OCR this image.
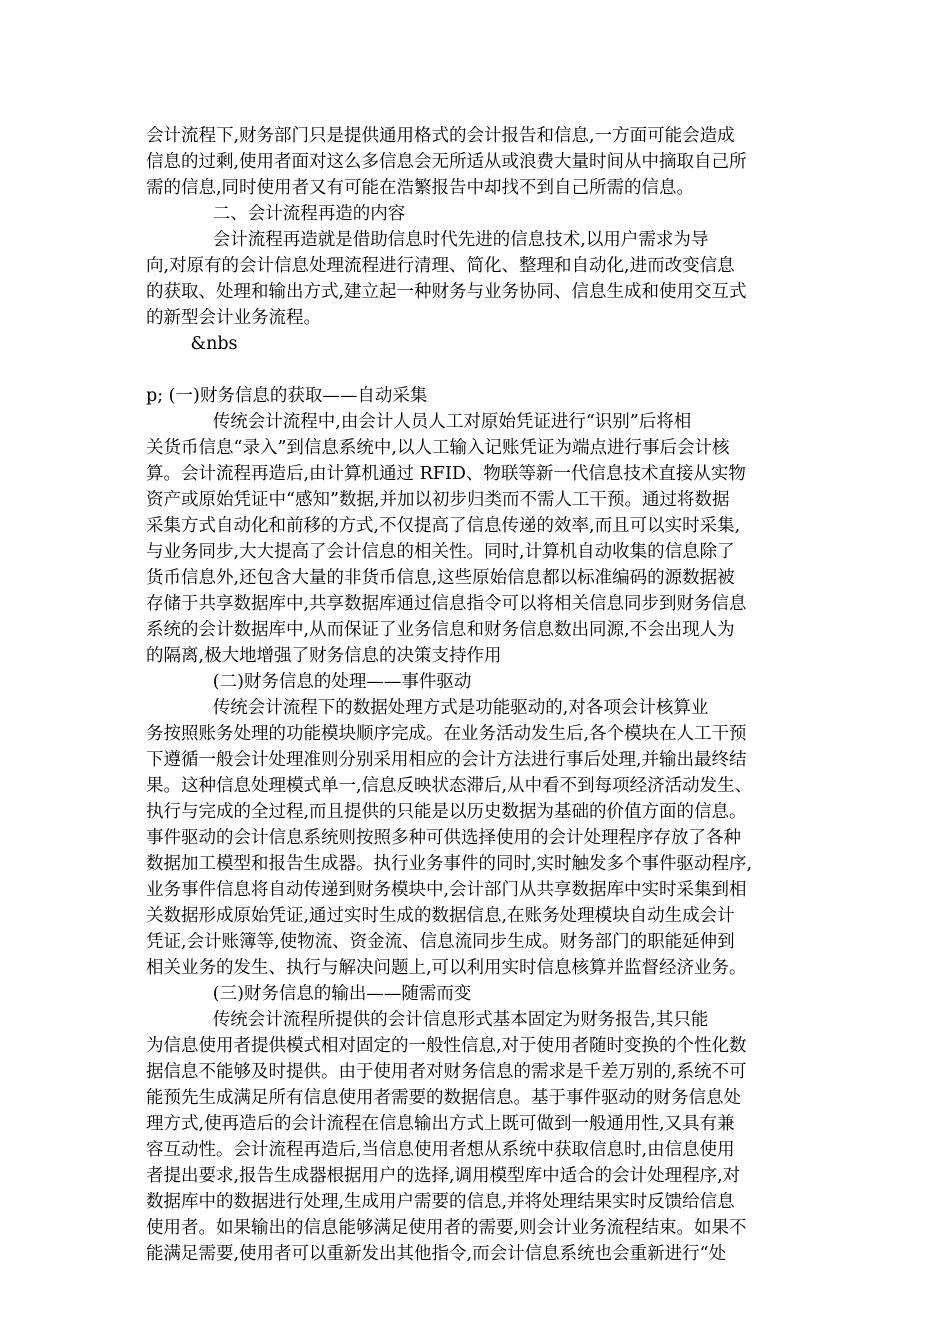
会计流程下,财务部门只是提供通用格式的会计报告和信息,一方面可能会造成
信息的过剩,使用者面对这么多信息会无所适从或浪费大量时间从中摘取自己所
需的信息,同时使用者又有可能在浩繁报告中却找不到自己所需的信息。
二、会计流程再造的内容
会计流程再造就是借助信息时代先进的信息技术,以用户需求为导
向,对原有的会计信息处理流程进行清理、简化、整理和自动化,进而改变信息
的获取、处理和输出方式,建立起一种财务与业务协同、信息生成和使用交互式
的新型会计业务流程。
&nbs
p; (一)财务信息的获取——自动采集
传统会计流程中,由会计人员人工对原始凭证进行“识别”后将相
关货币信息“录入”到信息系统中,以人工输入记账凭证为端点进行事后会计核
算。会计流程再造后,由计算机通过 RFID、物联等新一代信息技术直接从实物
资产或原始凭证中“感知”数据,并加以初步归类而不需人工干预。通过将数据
采集方式自动化和前移的方式,不仅提高了信息传递的效率,而且可以实时采集,
与业务同步,大大提高了会计信息的相关性。同时,计算机自动收集的信息除了
货币信息外,还包含大量的非货币信息,这些原始信息都以标准编码的源数据被
存储于共享数据库中,共享数据库通过信息指令可以将相关信息同步到财务信息
系统的会计数据库中,从而保证了业务信息和财务信息数出同源,不会出现人为
的隔离,极大地增强了财务信息的决策支持作用
(二)财务信息的处理——事件驱动
传统会计流程下的数据处理方式是功能驱动的,对各项会计核算业
务按照账务处理的功能模块顺序完成。在业务活动发生后,各个模块在人工干预
下遵循一般会计处理准则分别采用相应的会计方法进行事后处理,并输出最终结
果。这种信息处理模式单一,信息反映状态滞后,从中看不到每项经济活动发生、
执行与完成的全过程,而且提供的只能是以历史数据为基础的价值方面的信息。
事件驱动的会计信息系统则按照多种可供选择使用的会计处理程序存放了各种
数据加工模型和报告生成器。执行业务事件的同时,实时触发多个事件驱动程序,
业务事件信息将自动传递到财务模块中,会计部门从共享数据库中实时采集到相
关数据形成原始凭证,通过实时生成的数据信息,在账务处理模块自动生成会计
凭证,会计账簿等,使物流、资金流、信息流同步生成。财务部门的职能延伸到
相关业务的发生、执行与解决问题上,可以利用实时信息核算并监督经济业务。
(三)财务信息的输出——随需而变
传统会计流程所提供的会计信息形式基本固定为财务报告,其只能
为信息使用者提供模式相对固定的一般性信息,对于使用者随时变换的个性化数
据信息不能够及时提供。由于使用者对财务信息的需求是千差万别的,系统不可
能预先生成满足所有信息使用者需要的数据信息。基于事件驱动的财务信息处
理方式,使再造后的会计流程在信息输出方式上既可做到一般通用性,又具有兼
容互动性。会计流程再造后,当信息使用者想从系统中获取信息时,由信息使用
者提出要求,报告生成器根据用户的选择,调用模型库中适合的会计处理程序,对
数据库中的数据进行处理,生成用户需要的信息,并将处理结果实时反馈给信息
使用者。如果输出的信息能够满足使用者的需要,则会计业务流程结束。如果不
能满足需要,使用者可以重新发出其他指令,而会计信息系统也会重新进行“处
